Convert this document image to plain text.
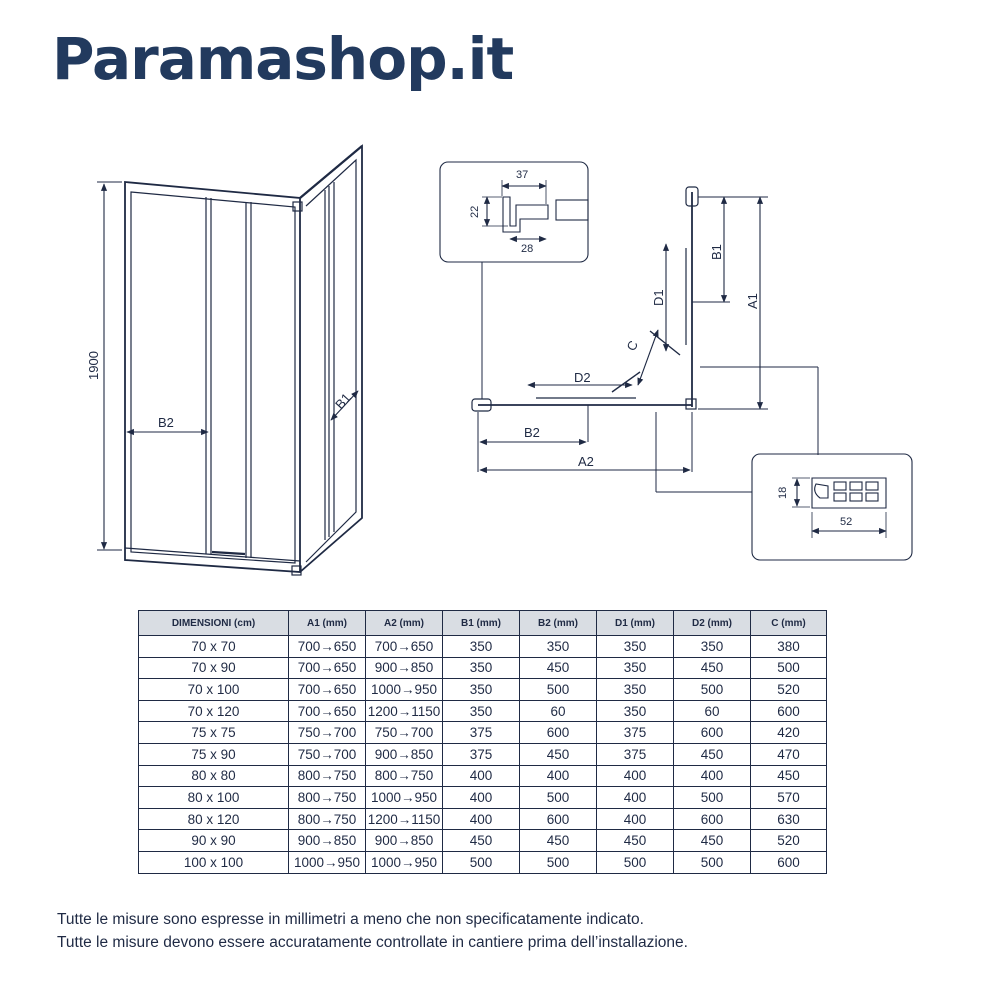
Paramashop.it
1900
B2
B1
B1
A1
D1
C
D2
B2
A2
37
22
28
18
52
DIMENSIONI (cm)	A1 (mm)	A2 (mm)	B1 (mm)	B2 (mm)	D1 (mm)	D2 (mm)	C (mm)
70 x 70	700→650	700→650	350	350	350	350	380
70 x 90	700→650	900→850	350	450	350	450	500
70 x 100	700→650	1000→950	350	500	350	500	520
70 x 120	700→650	1200→1150	350	60	350	60	600
75 x 75	750→700	750→700	375	600	375	600	420
75 x 90	750→700	900→850	375	450	375	450	470
80 x 80	800→750	800→750	400	400	400	400	450
80 x 100	800→750	1000→950	400	500	400	500	570
80 x 120	800→750	1200→1150	400	600	400	600	630
90 x 90	900→850	900→850	450	450	450	450	520
100 x 100	1000→950	1000→950	500	500	500	500	600
Tutte le misure sono espresse in millimetri a meno che non specificatamente indicato.
Tutte le misure devono essere accuratamente controllate in cantiere prima dell’installazione.
